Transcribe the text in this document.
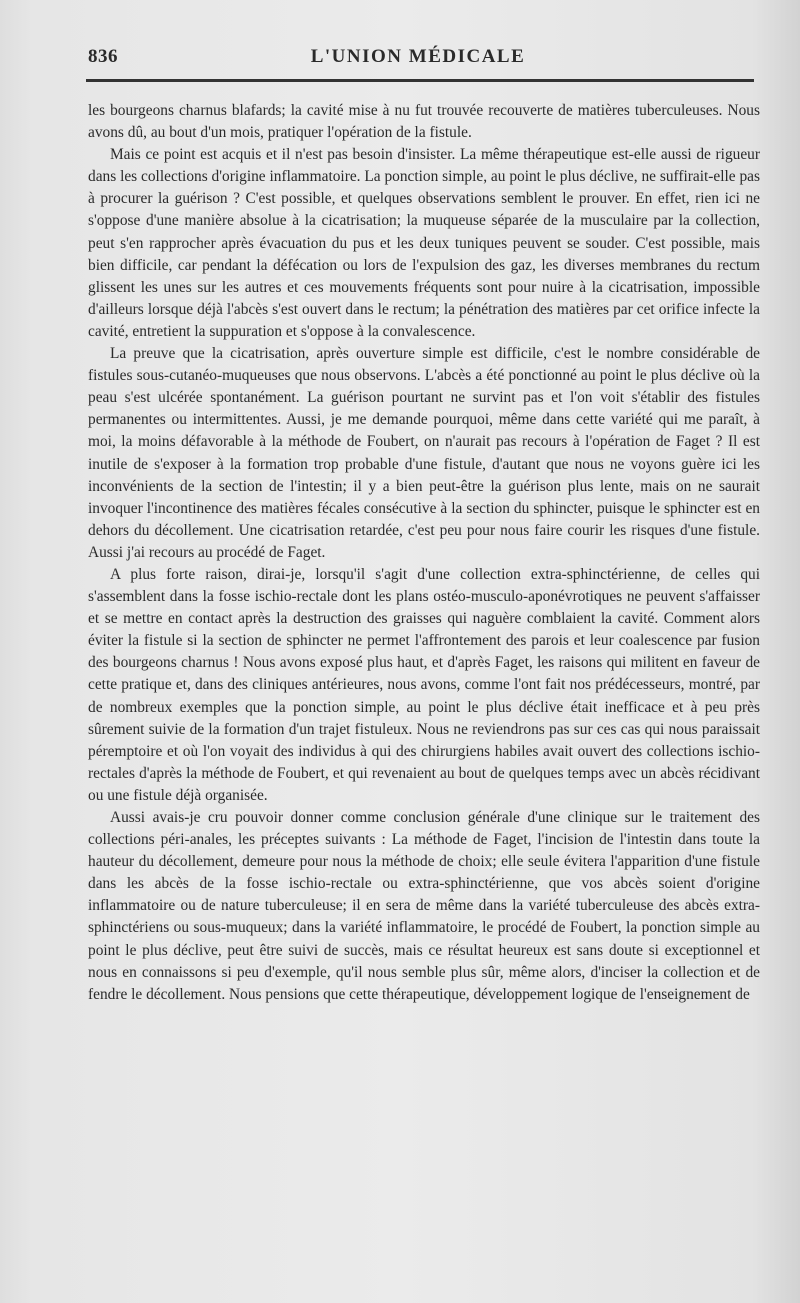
836	L'UNION MÉDICALE

les bourgeons charnus blafards; la cavité mise à nu fut trouvée recouverte de matières tuberculeuses. Nous avons dû, au bout d'un mois, pratiquer l'opération de la fistule.

Mais ce point est acquis et il n'est pas besoin d'insister. La même thérapeutique est-elle aussi de rigueur dans les collections d'origine inflammatoire. La ponction simple, au point le plus déclive, ne suffirait-elle pas à procurer la guérison ? C'est possible, et quelques observations semblent le prouver. En effet, rien ici ne s'oppose d'une manière absolue à la cicatrisation; la muqueuse séparée de la musculaire par la collection, peut s'en rapprocher après évacuation du pus et les deux tuniques peuvent se souder. C'est possible, mais bien difficile, car pendant la défécation ou lors de l'expulsion des gaz, les diverses membranes du rectum glissent les unes sur les autres et ces mouvements fréquents sont pour nuire à la cicatrisation, impossible d'ailleurs lorsque déjà l'abcès s'est ouvert dans le rectum; la pénétration des matières par cet orifice infecte la cavité, entretient la suppuration et s'oppose à la convalescence.

La preuve que la cicatrisation, après ouverture simple est difficile, c'est le nombre considérable de fistules sous-cutanéo-muqueuses que nous observons. L'abcès a été ponctionné au point le plus déclive où la peau s'est ulcérée spontanément. La guérison pourtant ne survint pas et l'on voit s'établir des fistules permanentes ou intermittentes. Aussi, je me demande pourquoi, même dans cette variété qui me paraît, à moi, la moins défavorable à la méthode de Foubert, on n'aurait pas recours à l'opération de Faget ? Il est inutile de s'exposer à la formation trop probable d'une fistule, d'autant que nous ne voyons guère ici les inconvénients de la section de l'intestin; il y a bien peut-être la guérison plus lente, mais on ne saurait invoquer l'incontinence des matières fécales consécutive à la section du sphincter, puisque le sphincter est en dehors du décollement. Une cicatrisation retardée, c'est peu pour nous faire courir les risques d'une fistule. Aussi j'ai recours au procédé de Faget.

A plus forte raison, dirai-je, lorsqu'il s'agit d'une collection extra-sphinctérienne, de celles qui s'assemblent dans la fosse ischio-rectale dont les plans ostéo-musculo-aponévrotiques ne peuvent s'affaisser et se mettre en contact après la destruction des graisses qui naguère comblaient la cavité. Comment alors éviter la fistule si la section de sphincter ne permet l'affrontement des parois et leur coalescence par fusion des bourgeons charnus ! Nous avons exposé plus haut, et d'après Faget, les raisons qui militent en faveur de cette pratique et, dans des cliniques antérieures, nous avons, comme l'ont fait nos prédécesseurs, montré, par de nombreux exemples que la ponction simple, au point le plus déclive était inefficace et à peu près sûrement suivie de la formation d'un trajet fistuleux. Nous ne reviendrons pas sur ces cas qui nous paraissait péremptoire et où l'on voyait des individus à qui des chirurgiens habiles avait ouvert des collections ischio-rectales d'après la méthode de Foubert, et qui revenaient au bout de quelques temps avec un abcès récidivant ou une fistule déjà organisée.

Aussi avais-je cru pouvoir donner comme conclusion générale d'une clinique sur le traitement des collections péri-anales, les préceptes suivants : La méthode de Faget, l'incision de l'intestin dans toute la hauteur du décollement, demeure pour nous la méthode de choix; elle seule évitera l'apparition d'une fistule dans les abcès de la fosse ischio-rectale ou extra-sphinctérienne, que vos abcès soient d'origine inflammatoire ou de nature tuberculeuse; il en sera de même dans la variété tuberculeuse des abcès extra-sphinctériens ou sous-muqueux; dans la variété inflammatoire, le procédé de Foubert, la ponction simple au point le plus déclive, peut être suivi de succès, mais ce résultat heureux est sans doute si exceptionnel et nous en connaissons si peu d'exemple, qu'il nous semble plus sûr, même alors, d'inciser la collection et de fendre le décollement. Nous pensions que cette thérapeutique, développement logique de l'enseignement de
